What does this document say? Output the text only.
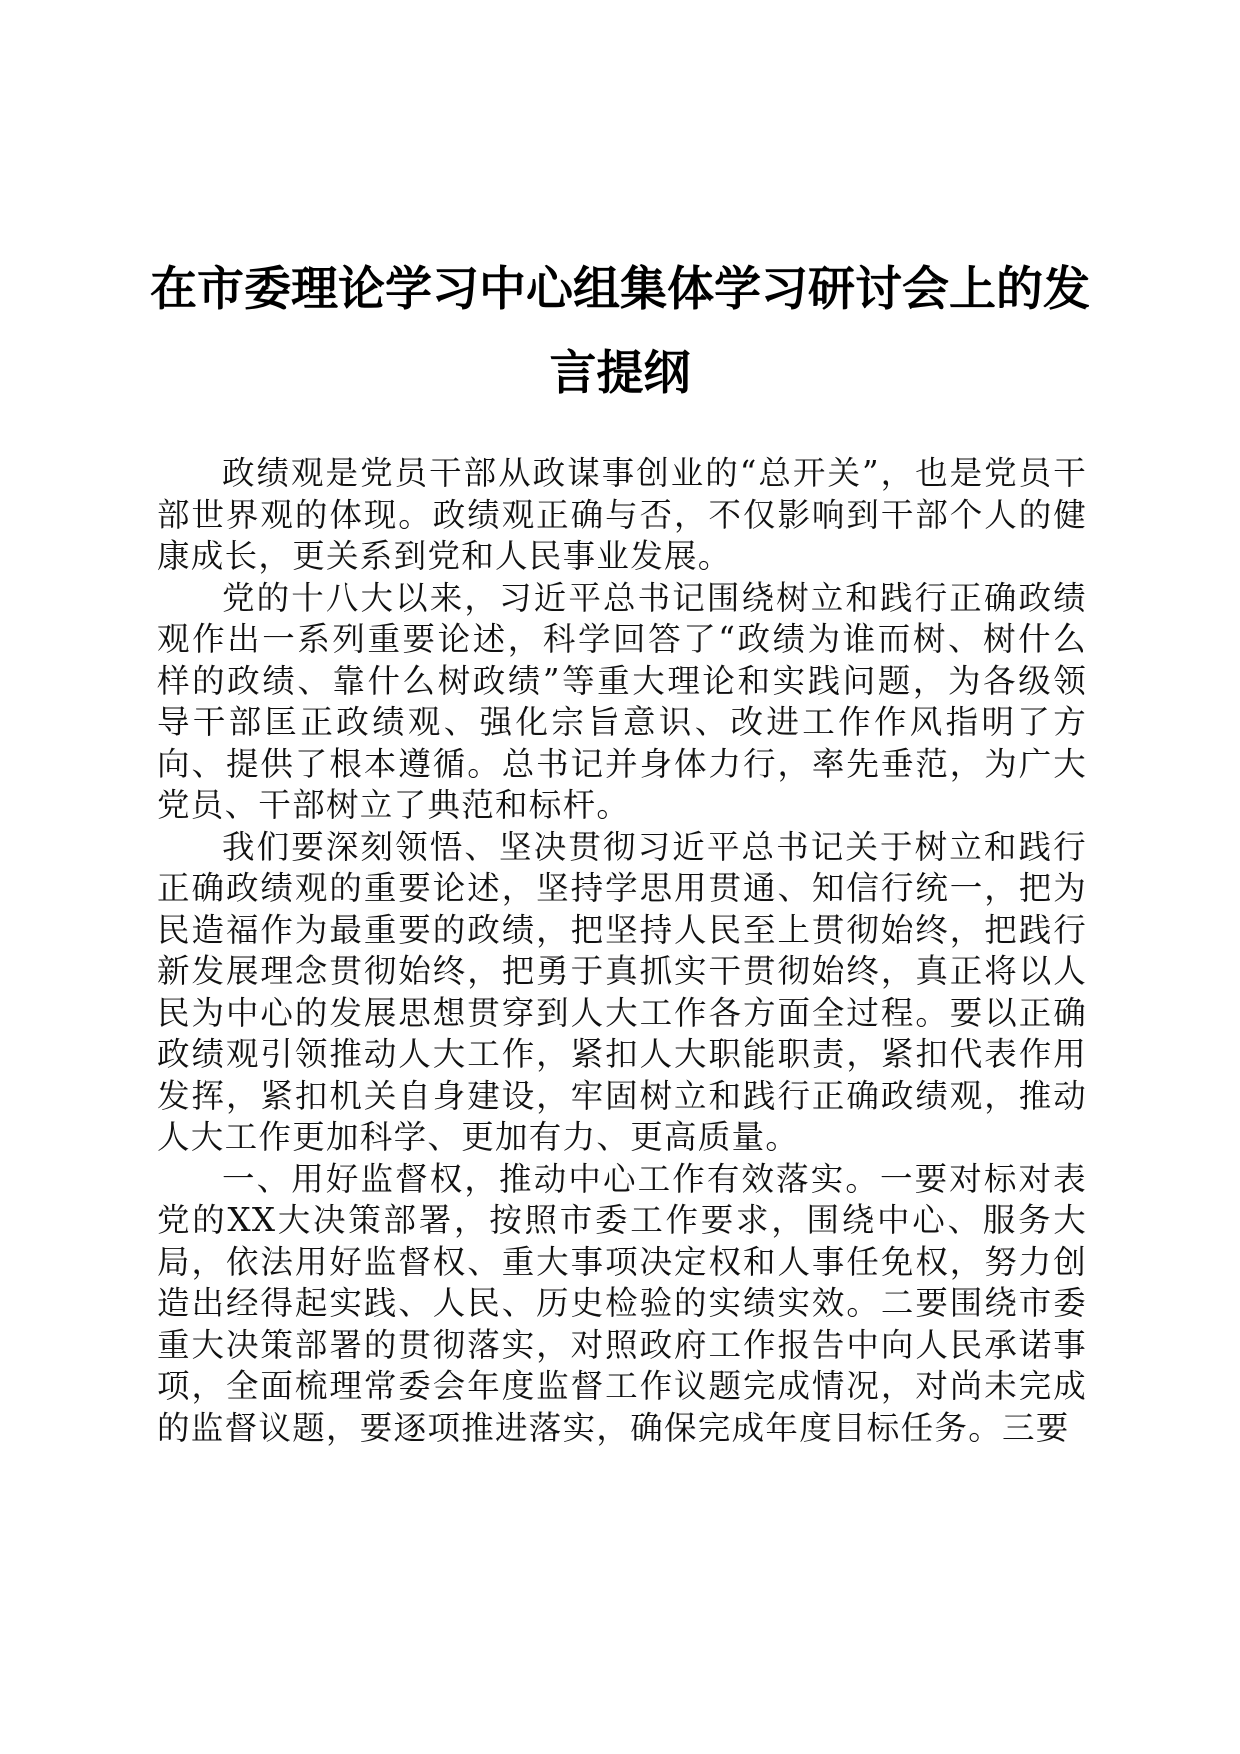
在市委理论学习中心组集体学习研讨会上的发言提纲

政绩观是党员干部从政谋事创业的“总开关”，也是党员干部世界观的体现。政绩观正确与否，不仅影响到干部个人的健康成长，更关系到党和人民事业发展。

党的十八大以来，习近平总书记围绕树立和践行正确政绩观作出一系列重要论述，科学回答了“政绩为谁而树、树什么样的政绩、靠什么树政绩”等重大理论和实践问题，为各级领导干部匡正政绩观、强化宗旨意识、改进工作作风指明了方向、提供了根本遵循。总书记并身体力行，率先垂范，为广大党员、干部树立了典范和标杆。

我们要深刻领悟、坚决贯彻习近平总书记关于树立和践行正确政绩观的重要论述，坚持学思用贯通、知信行统一，把为民造福作为最重要的政绩，把坚持人民至上贯彻始终，把践行新发展理念贯彻始终，把勇于真抓实干贯彻始终，真正将以人民为中心的发展思想贯穿到人大工作各方面全过程。要以正确政绩观引领推动人大工作，紧扣人大职能职责，紧扣代表作用发挥，紧扣机关自身建设，牢固树立和践行正确政绩观，推动人大工作更加科学、更加有力、更高质量。

一、用好监督权，推动中心工作有效落实。一要对标对表党的XX大决策部署，按照市委工作要求，围绕中心、服务大局，依法用好监督权、重大事项决定权和人事任免权，努力创造出经得起实践、人民、历史检验的实绩实效。二要围绕市委重大决策部署的贯彻落实，对照政府工作报告中向人民承诺事项，全面梳理常委会年度监督工作议题完成情况，对尚未完成的监督议题，要逐项推进落实，确保完成年度目标任务。三要
